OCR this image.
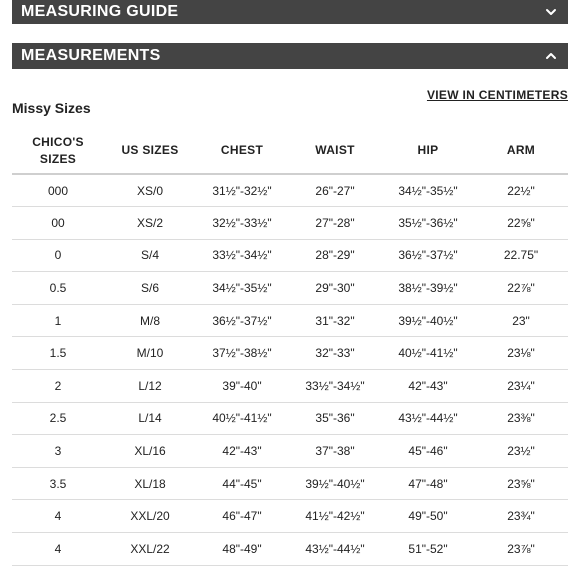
MEASURING GUIDE
MEASUREMENTS
Missy Sizes
VIEW IN CENTIMETERS
CHICO'S
SIZES	US SIZES	CHEST	WAIST	HIP	ARM
000	XS/0	31½"-32½"	26"-27"	34½"-35½"	22½"
00	XS/2	32½"-33½"	27"-28"	35½"-36½"	22⅝"
0	S/4	33½"-34½"	28"-29"	36½"-37½"	22.75"
0.5	S/6	34½"-35½"	29"-30"	38½"-39½"	22⅞"
1	M/8	36½"-37½"	31"-32"	39½"-40½"	23"
1.5	M/10	37½"-38½"	32"-33"	40½"-41½"	23⅛"
2	L/12	39"-40"	33½"-34½"	42"-43"	23¼"
2.5	L/14	40½"-41½"	35"-36"	43½"-44½"	23⅜"
3	XL/16	42"-43"	37"-38"	45"-46"	23½"
3.5	XL/18	44"-45"	39½"-40½"	47"-48"	23⅝"
4	XXL/20	46"-47"	41½"-42½"	49"-50"	23¾"
4	XXL/22	48"-49"	43½"-44½"	51"-52"	23⅞"
